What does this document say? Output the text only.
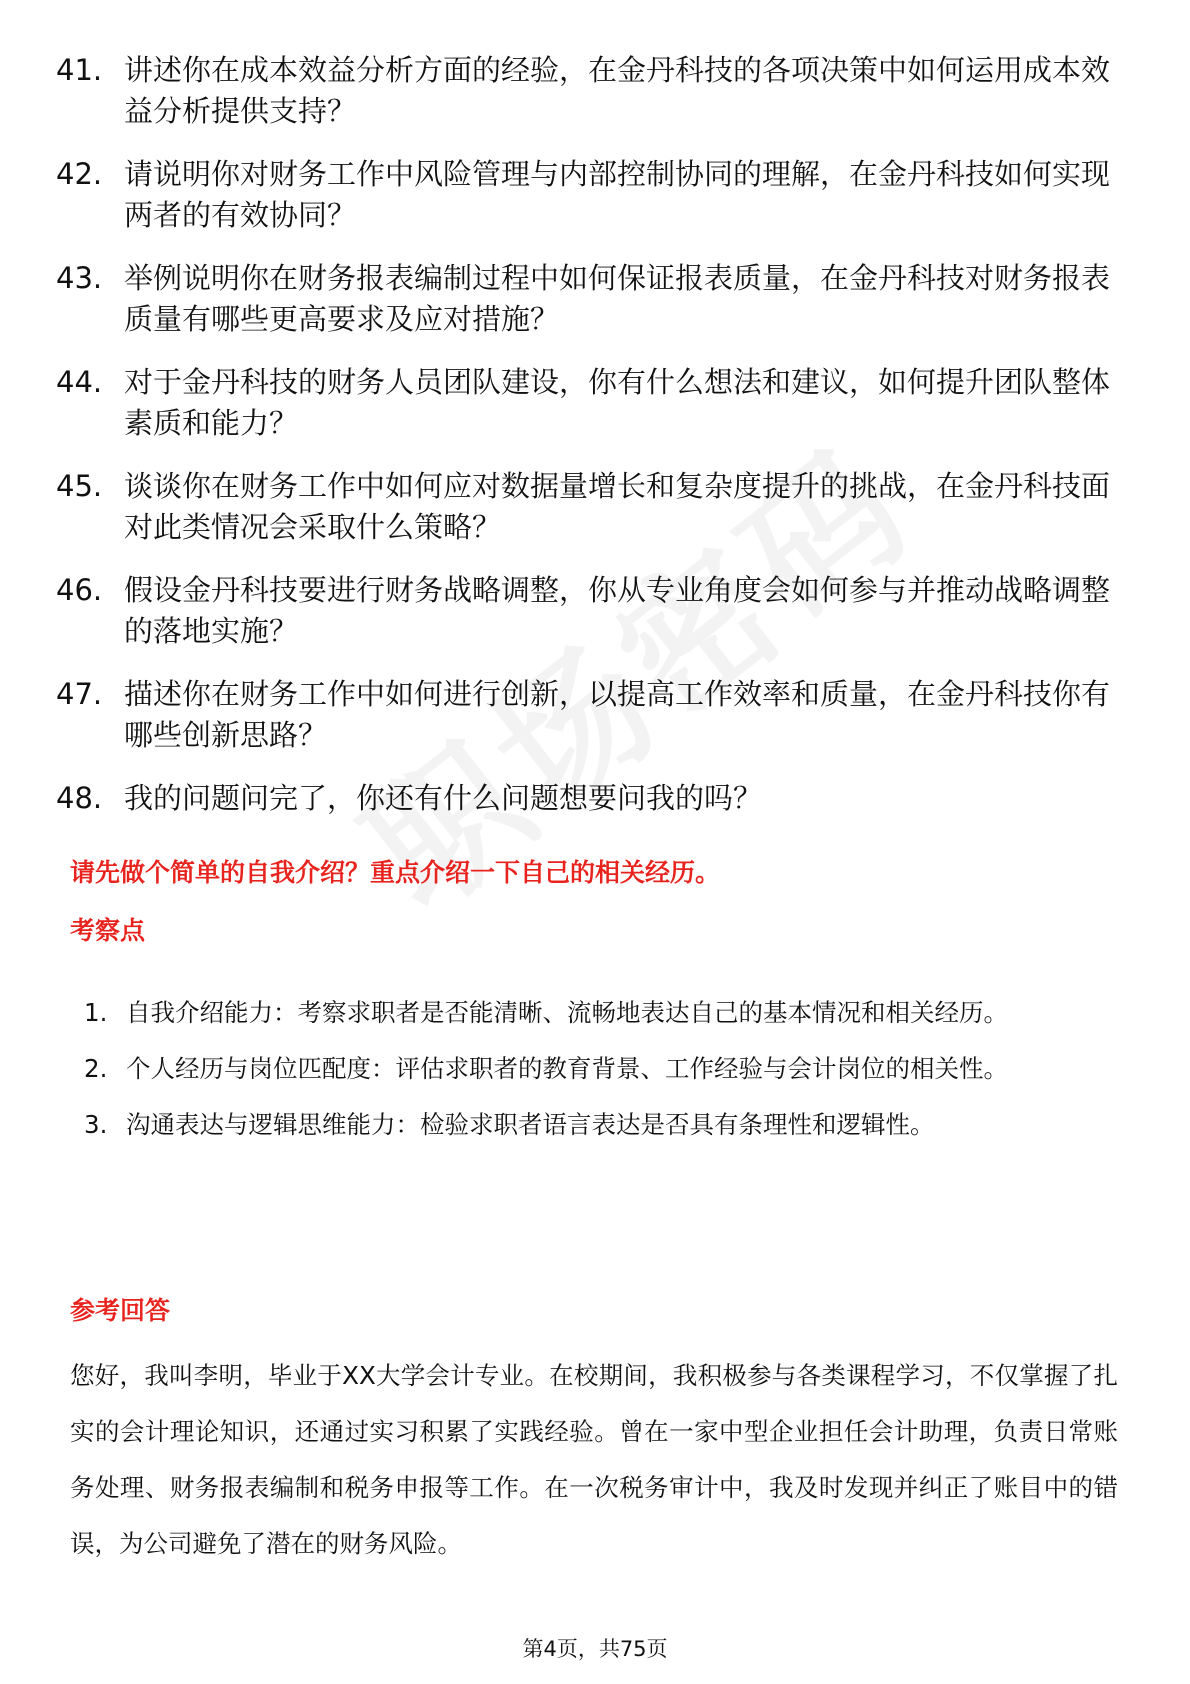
41. 讲述你在成本效益分析方面的经验，在金丹科技的各项决策中如何运用成本效益分析提供支持？
42. 请说明你对财务工作中风险管理与内部控制协同的理解，在金丹科技如何实现两者的有效协同？
43. 举例说明你在财务报表编制过程中如何保证报表质量，在金丹科技对财务报表质量有哪些更高要求及应对措施？
44. 对于金丹科技的财务人员团队建设，你有什么想法和建议，如何提升团队整体素质和能力？
45. 谈谈你在财务工作中如何应对数据量增长和复杂度提升的挑战，在金丹科技面对此类情况会采取什么策略？
46. 假设金丹科技要进行财务战略调整，你从专业角度会如何参与并推动战略调整的落地实施？
47. 描述你在财务工作中如何进行创新，以提高工作效率和质量，在金丹科技你有哪些创新思路？
48. 我的问题问完了，你还有什么问题想要问我的吗？
请先做个简单的自我介绍？重点介绍一下自己的相关经历。
考察点
1. 自我介绍能力：考察求职者是否能清晰、流畅地表达自己的基本情况和相关经历。
2. 个人经历与岗位匹配度：评估求职者的教育背景、工作经验与会计岗位的相关性。
3. 沟通表达与逻辑思维能力：检验求职者语言表达是否具有条理性和逻辑性。
参考回答
您好，我叫李明，毕业于XX大学会计专业。在校期间，我积极参与各类课程学习，不仅掌握了扎实的会计理论知识，还通过实习积累了实践经验。曾在一家中型企业担任会计助理，负责日常账务处理、财务报表编制和税务申报等工作。在一次税务审计中，我及时发现并纠正了账目中的错误，为公司避免了潜在的财务风险。
第4页，共75页
